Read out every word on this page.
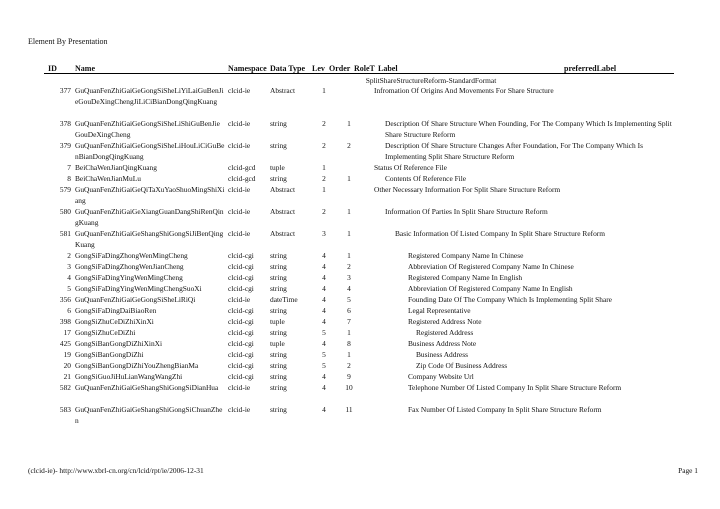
Element By Presentation
ID Name	Namespace Data Type Lev Order RoleT Label	preferredLabel
SplitShareStructureReform-StandardFormat
377 GuQuanFenZhiGaiGeGongSiSheLiYiLaiGuBenJieGouDeXingChengJiLiCiBianDongQingKuang
clcid-ie	Abstract	1	Infromation Of Origins And Movements For Share Structure
378 GuQuanFenZhiGaiGeGongSiSheLiShiGuBenJieGouDeXingCheng
clcid-ie	string	2	1	Description Of Share Structure When Founding, For The Company Which Is Implementing Split Share Structure Reform
379 GuQuanFenZhiGaiGeGongSiSheLiHouLiCiGuBenBianDongQingKuang
clcid-ie	string	2	2	Description Of Share Structure Changes After Foundation, For The Company Which Is Implementing Split Share Structure Reform
7 BeiChaWenJianQingKuang	clcid-gcd	tuple	1	Status Of Reference File
8 BeiChaWenJianMuLu	clcid-gcd	string	2	1	Contents Of Reference File
579 GuQuanFenZhiGaiGeQiTaXuYaoShuoMingShiXiang
clcid-ie	Abstract	1	Other Necessary Information For Split Share Structure Reform
580 GuQuanFenZhiGaiGeXiangGuanDangShiRenQingKuang
clcid-ie	Abstract	2	1	Information Of Parties In Split Share Structure Reform
581 GuQuanFenZhiGaiGeShangShiGongSiJiBenQingKuang
clcid-ie	Abstract	3	1	Basic Information Of Listed Company In Split Share Structure Reform
2 GongSiFaDingZhongWenMingCheng	clcid-cgi	string	4	1	Registered Company Name In Chinese
3 GongSiFaDingZhongWenJianCheng	clcid-cgi	string	4	2	Abbreviation Of Registered Company Name In Chinese
4 GongSiFaDingYingWenMingCheng	clcid-cgi	string	4	3	Registered Company Name In English
5 GongSiFaDingYingWenMingChengSuoXi	clcid-cgi	string	4	4	Abbreviation Of Registered Company Name In English
356 GuQuanFenZhiGaiGeGongSiSheLiRiQi	clcid-ie	dateTime	4	5	Founding Date Of The Company Which Is Implementing Split Share
6 GongSiFaDingDaiBiaoRen	clcid-cgi	string	4	6	Legal Representative
398 GongSiZhuCeDiZhiXinXi	clcid-cgi	tuple	4	7	Registered Address Note
17 GongSiZhuCeDiZhi	clcid-cgi	string	5	1	Registered Address
425 GongSiBanGongDiZhiXinXi	clcid-cgi	tuple	4	8	Business Address Note
19 GongSiBanGongDiZhi	clcid-cgi	string	5	1	Business Address
20 GongSiBanGongDiZhiYouZhengBianMa	clcid-cgi	string	5	2	Zip Code Of Business Address
21 GongSiGuoJiHuLianWangWangZhi	clcid-cgi	string	4	9	Company Website Url
582 GuQuanFenZhiGaiGeShangShiGongSiDianHua	clcid-ie	string	4	10	Telephone Number Of Listed Company In Split Share Structure Reform
583 GuQuanFenZhiGaiGeShangShiGongSiChuanZhen
clcid-ie	string	4	11	Fax Number Of Listed Company In Split Share Structure Reform
(clcid-ie)- http://www.xbrl-cn.org/cn/lcid/rpt/ie/2006-12-31	Page 1
